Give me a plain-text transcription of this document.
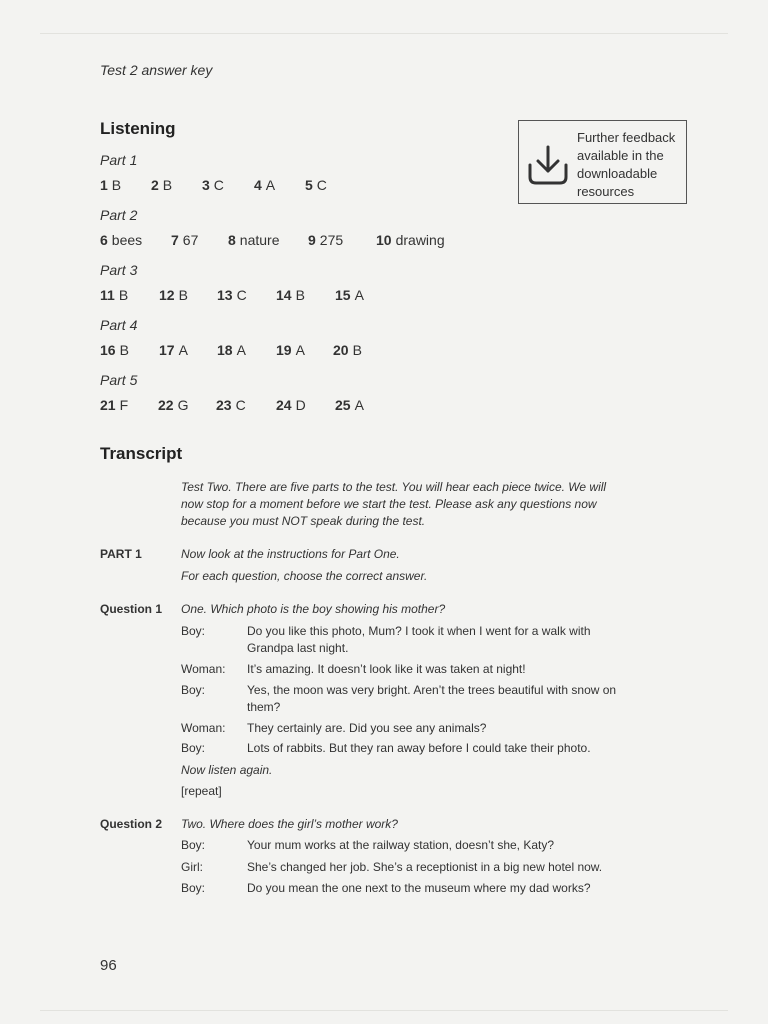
Test 2 answer key
Listening
Part 1
1 B 2 B 3 C 4 A 5 C
Part 2
6 bees 7 67 8 nature 9 275 10 drawing
Part 3
11 B 12 B 13 C 14 B 15 A
Part 4
16 B 17 A 18 A 19 A 20 B
Part 5
21 F 22 G 23 C 24 D 25 A
Further feedback available in the downloadable resources
Transcript
Test Two. There are five parts to the test. You will hear each piece twice. We will now stop for a moment before we start the test. Please ask any questions now because you must NOT speak during the test.
PART 1	Now look at the instructions for Part One.
For each question, choose the correct answer.
Question 1 One. Which photo is the boy showing his mother?
Boy:	Do you like this photo, Mum? I took it when I went for a walk with Grandpa last night.
Woman: It’s amazing. It doesn’t look like it was taken at night!
Boy:	Yes, the moon was very bright. Aren’t the trees beautiful with snow on them?
Woman: They certainly are. Did you see any animals?
Boy:	Lots of rabbits. But they ran away before I could take their photo.
Now listen again.
[repeat]
Question 2 Two. Where does the girl’s mother work?
Boy:	Your mum works at the railway station, doesn’t she, Katy?
Girl:	She’s changed her job. She’s a receptionist in a big new hotel now.
Boy:	Do you mean the one next to the museum where my dad works?
96
